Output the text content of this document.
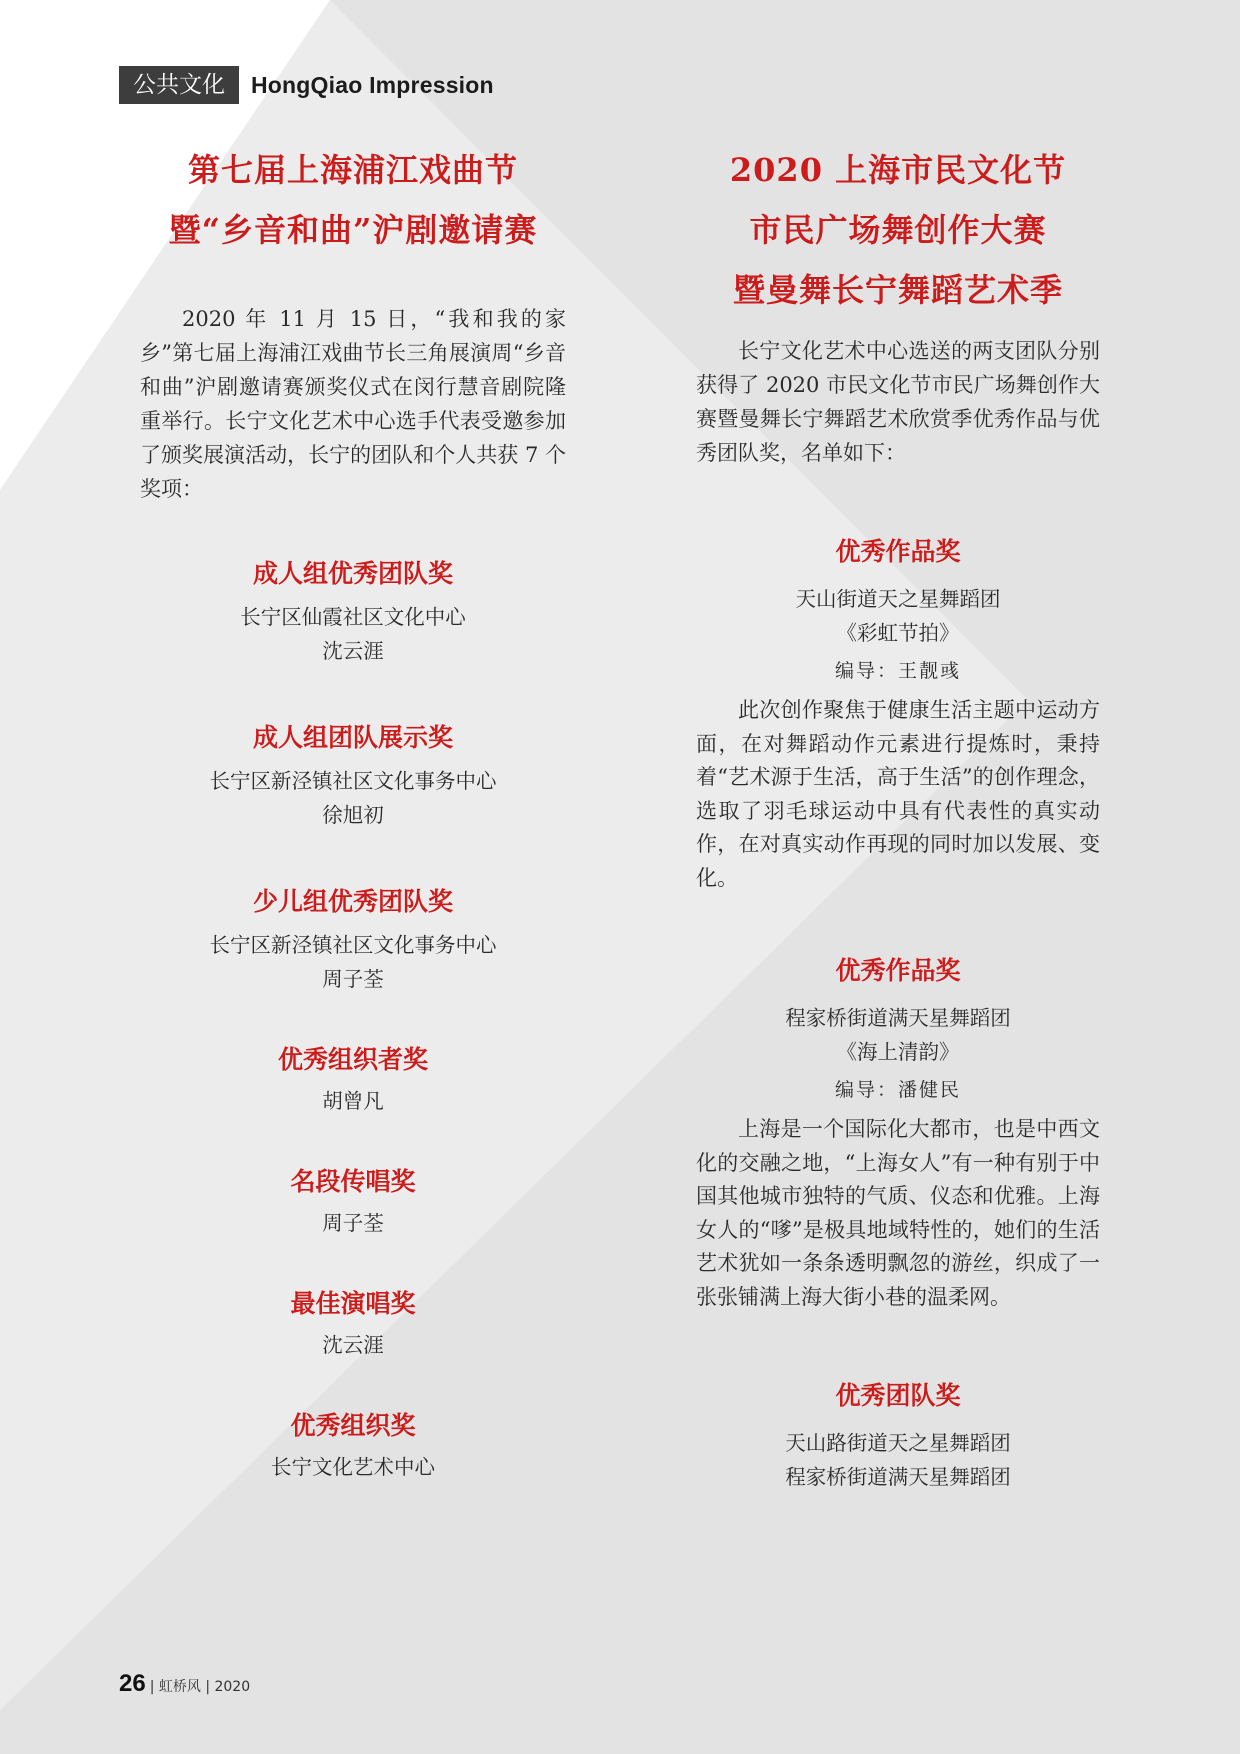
公共文化	HongQiao Impression
第七届上海浦江戏曲节
暨“乡音和曲”沪剧邀请赛

2020 年 11 月 15 日，“我和我的家乡”第七届上海浦江戏曲节长三角展演周“乡音和曲”沪剧邀请赛颁奖仪式在闵行慧音剧院隆重举行。长宁文化艺术中心选手代表受邀参加了颁奖展演活动，长宁的团队和个人共获 7 个奖项：

成人组优秀团队奖
长宁区仙霞社区文化中心
沈云涯
成人组团队展示奖
长宁区新泾镇社区文化事务中心
徐旭初
少儿组优秀团队奖
长宁区新泾镇社区文化事务中心
周子荃
优秀组织者奖
胡曾凡
名段传唱奖
周子荃
最佳演唱奖
沈云涯
优秀组织奖
长宁文化艺术中心
2020 上海市民文化节
市民广场舞创作大赛
暨曼舞长宁舞蹈艺术季

长宁文化艺术中心选送的两支团队分别获得了 2020 市民文化节市民广场舞创作大赛暨曼舞长宁舞蹈艺术欣赏季优秀作品与优秀团队奖，名单如下：

优秀作品奖
天山街道天之星舞蹈团
《彩虹节拍》
编导：王靓彧

此次创作聚焦于健康生活主题中运动方面，在对舞蹈动作元素进行提炼时，秉持着“艺术源于生活，高于生活”的创作理念，选取了羽毛球运动中具有代表性的真实动作，在对真实动作再现的同时加以发展、变化。

优秀作品奖
程家桥街道满天星舞蹈团
《海上清韵》
编导：潘健民

上海是一个国际化大都市，也是中西文化的交融之地，“上海女人”有一种有别于中国其他城市独特的气质、仪态和优雅。上海女人的“嗲”是极具地域特性的，她们的生活艺术犹如一条条透明飘忽的游丝，织成了一张张铺满上海大街小巷的温柔网。

优秀团队奖
天山路街道天之星舞蹈团
程家桥街道满天星舞蹈团
26 | 虹桥风 | 2020
